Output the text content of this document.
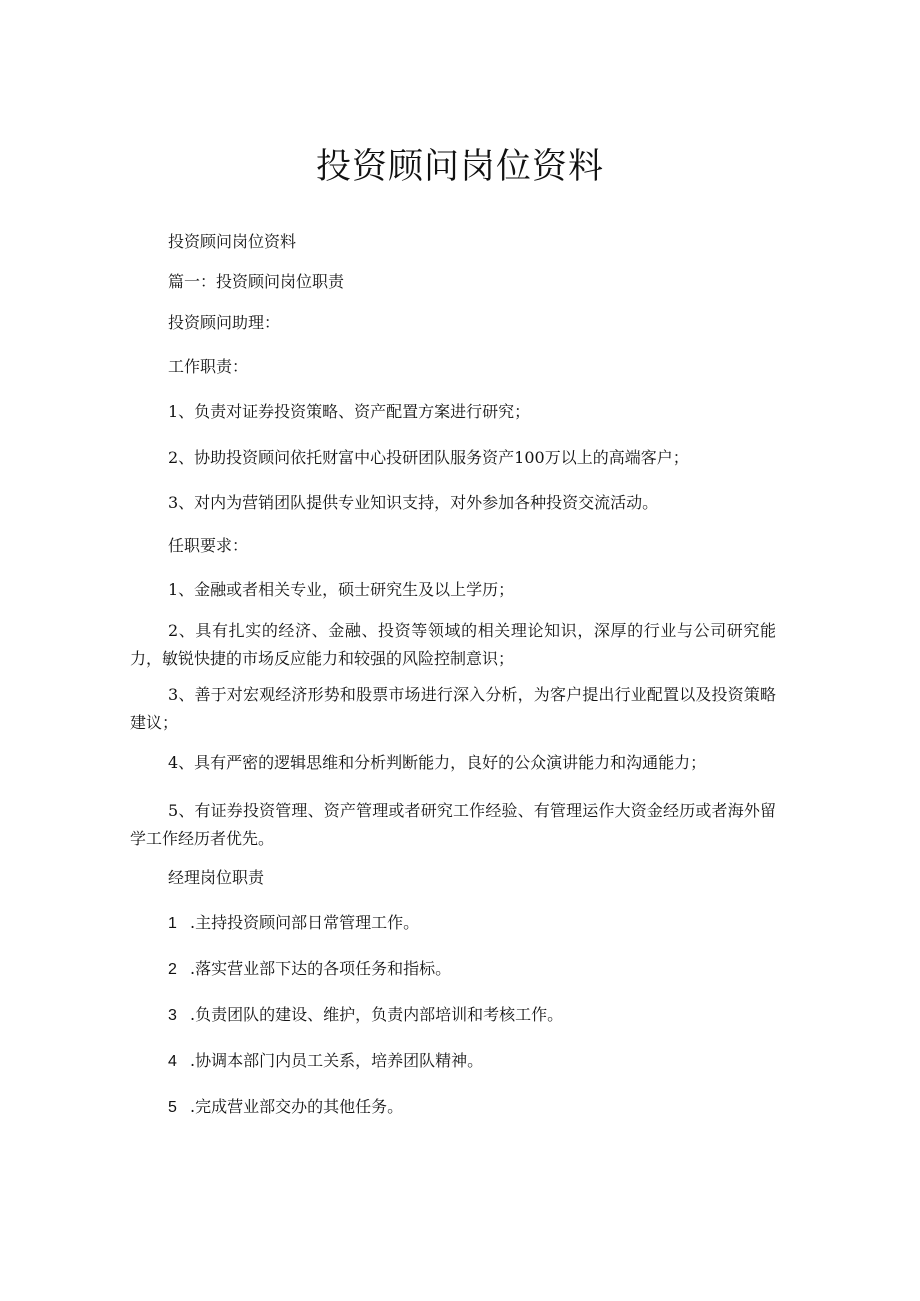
投资顾问岗位资料

投资顾问岗位资料

篇一：投资顾问岗位职责

投资顾问助理：

工作职责：

1、负责对证券投资策略、资产配置方案进行研究；

2、协助投资顾问依托财富中心投研团队服务资产100万以上的高端客户；

3、对内为营销团队提供专业知识支持，对外参加各种投资交流活动。

任职要求：

1、金融或者相关专业，硕士研究生及以上学历；

2、具有扎实的经济、金融、投资等领域的相关理论知识，深厚的行业与公司研究能力，敏锐快捷的市场反应能力和较强的风险控制意识；

3、善于对宏观经济形势和股票市场进行深入分析，为客户提出行业配置以及投资策略建议；

4、具有严密的逻辑思维和分析判断能力，良好的公众演讲能力和沟通能力；

5、有证券投资管理、资产管理或者研究工作经验、有管理运作大资金经历或者海外留学工作经历者优先。

经理岗位职责

1 .主持投资顾问部日常管理工作。

2 .落实营业部下达的各项任务和指标。

3 .负责团队的建设、维护，负责内部培训和考核工作。

4 .协调本部门内员工关系，培养团队精神。

5 .完成营业部交办的其他任务。
